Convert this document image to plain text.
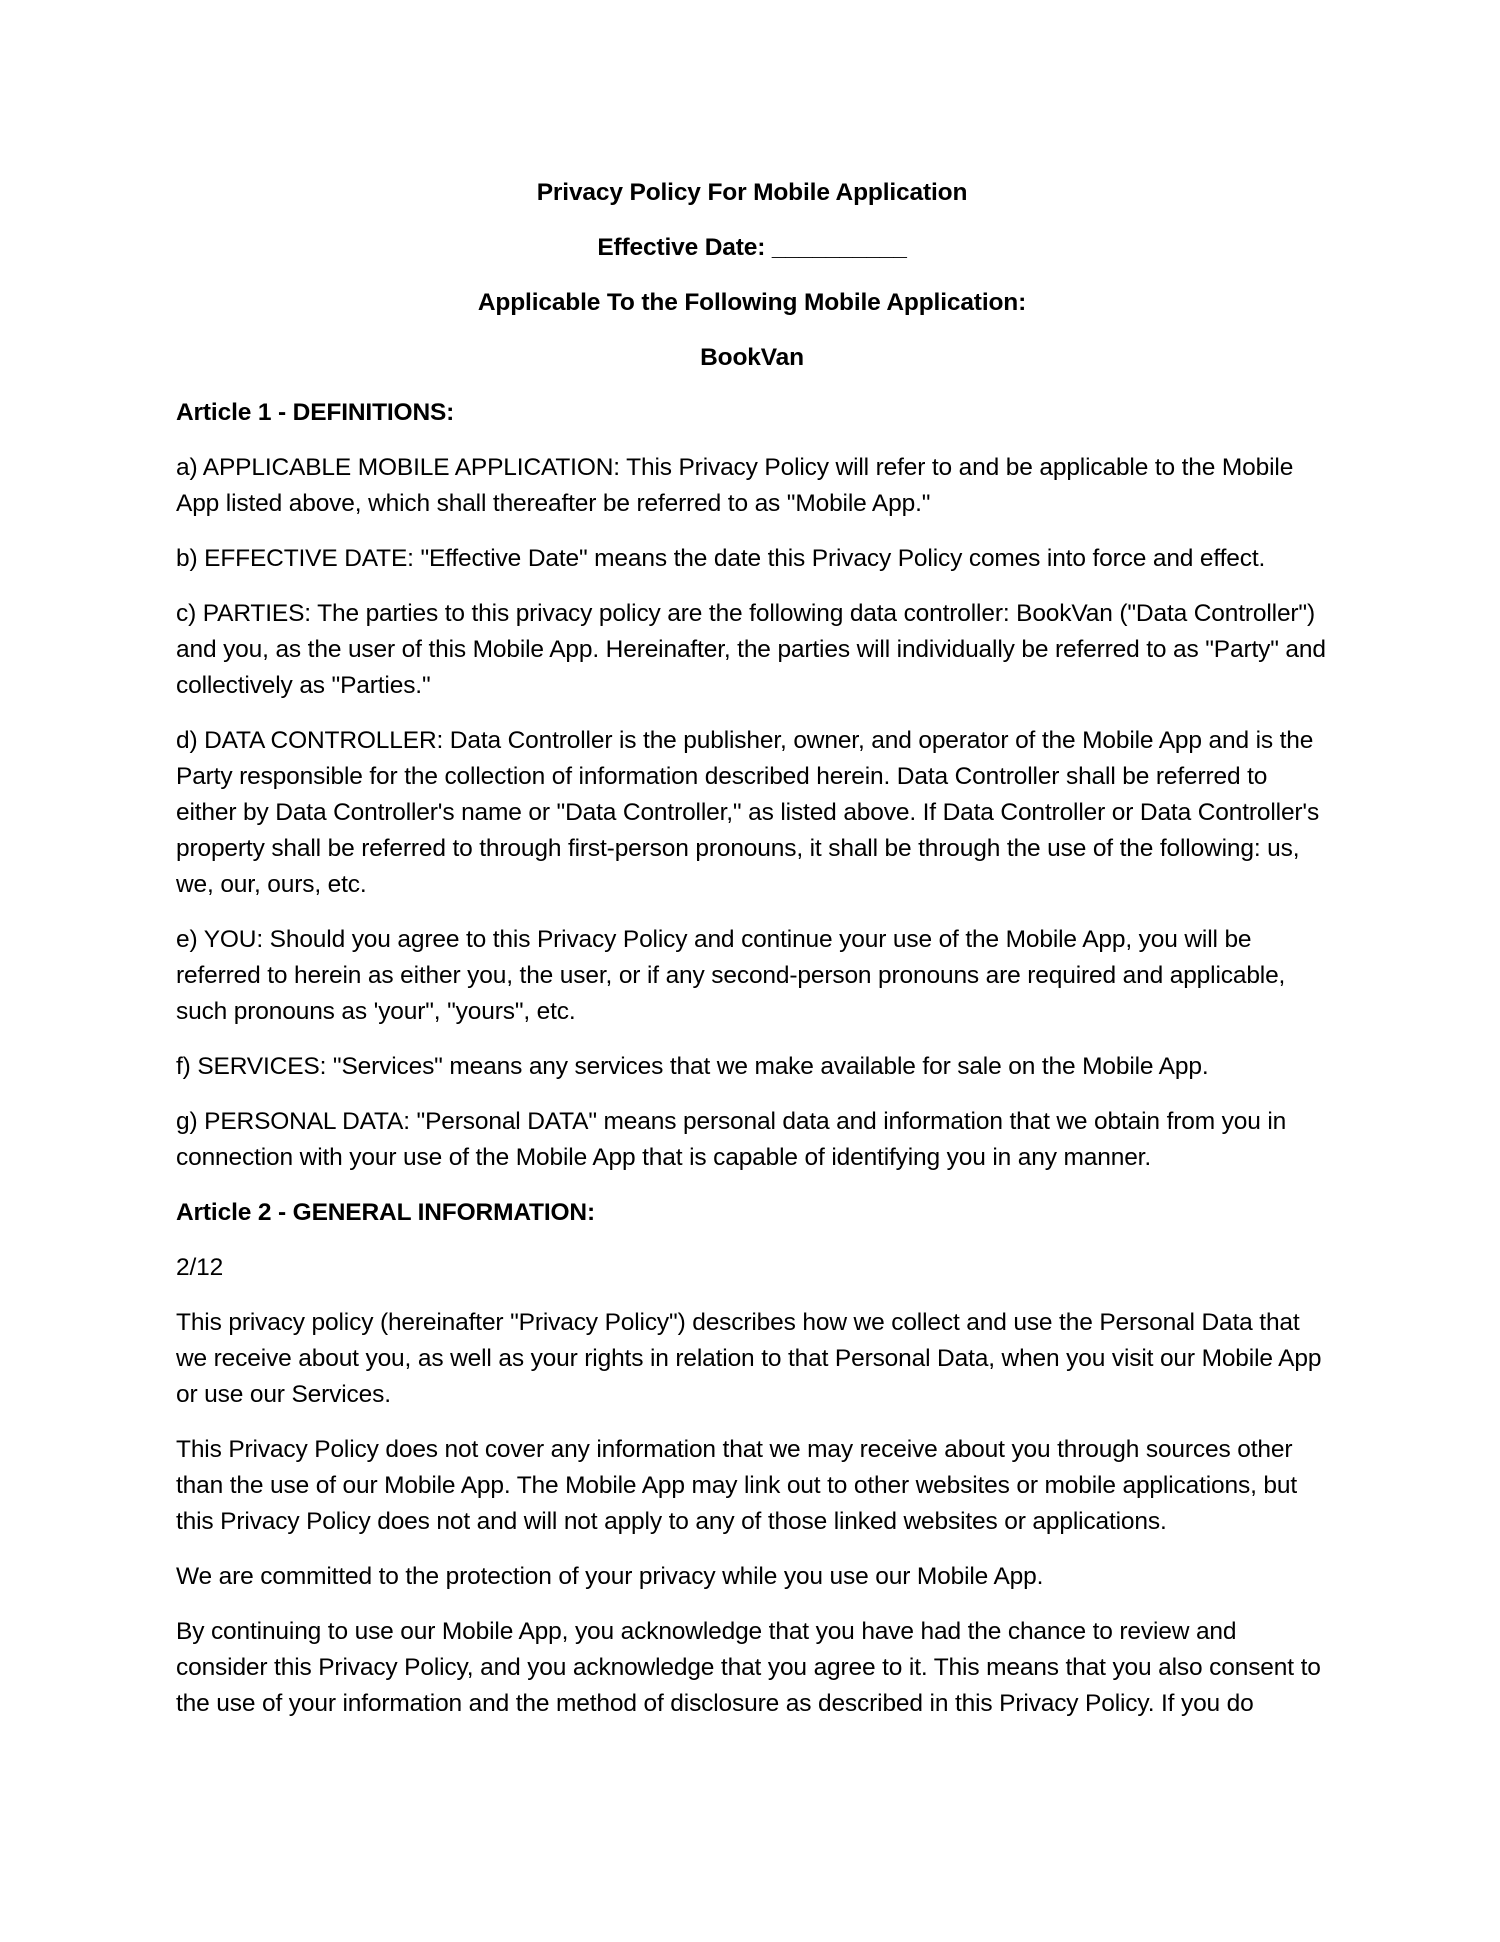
Privacy Policy For Mobile Application
Effective Date: __________
Applicable To the Following Mobile Application:
BookVan
Article 1 - DEFINITIONS:

a) APPLICABLE MOBILE APPLICATION: This Privacy Policy will refer to and be applicable to the Mobile App listed above, which shall thereafter be referred to as "Mobile App."

b) EFFECTIVE DATE: "Effective Date" means the date this Privacy Policy comes into force and effect.

c) PARTIES: The parties to this privacy policy are the following data controller: BookVan ("Data Controller") and you, as the user of this Mobile App. Hereinafter, the parties will individually be referred to as "Party" and collectively as "Parties."

d) DATA CONTROLLER: Data Controller is the publisher, owner, and operator of the Mobile App and is the Party responsible for the collection of information described herein. Data Controller shall be referred to either by Data Controller's name or "Data Controller," as listed above. If Data Controller or Data Controller's property shall be referred to through first-person pronouns, it shall be through the use of the following: us, we, our, ours, etc.

e) YOU: Should you agree to this Privacy Policy and continue your use of the Mobile App, you will be referred to herein as either you, the user, or if any second-person pronouns are required and applicable, such pronouns as 'your", "yours", etc.

f) SERVICES: "Services" means any services that we make available for sale on the Mobile App.

g) PERSONAL DATA: "Personal DATA" means personal data and information that we obtain from you in connection with your use of the Mobile App that is capable of identifying you in any manner.

Article 2 - GENERAL INFORMATION:

2/12

This privacy policy (hereinafter "Privacy Policy") describes how we collect and use the Personal Data that we receive about you, as well as your rights in relation to that Personal Data, when you visit our Mobile App or use our Services.

This Privacy Policy does not cover any information that we may receive about you through sources other than the use of our Mobile App. The Mobile App may link out to other websites or mobile applications, but this Privacy Policy does not and will not apply to any of those linked websites or applications.

We are committed to the protection of your privacy while you use our Mobile App.

By continuing to use our Mobile App, you acknowledge that you have had the chance to review and consider this Privacy Policy, and you acknowledge that you agree to it. This means that you also consent to the use of your information and the method of disclosure as described in this Privacy Policy. If you do
